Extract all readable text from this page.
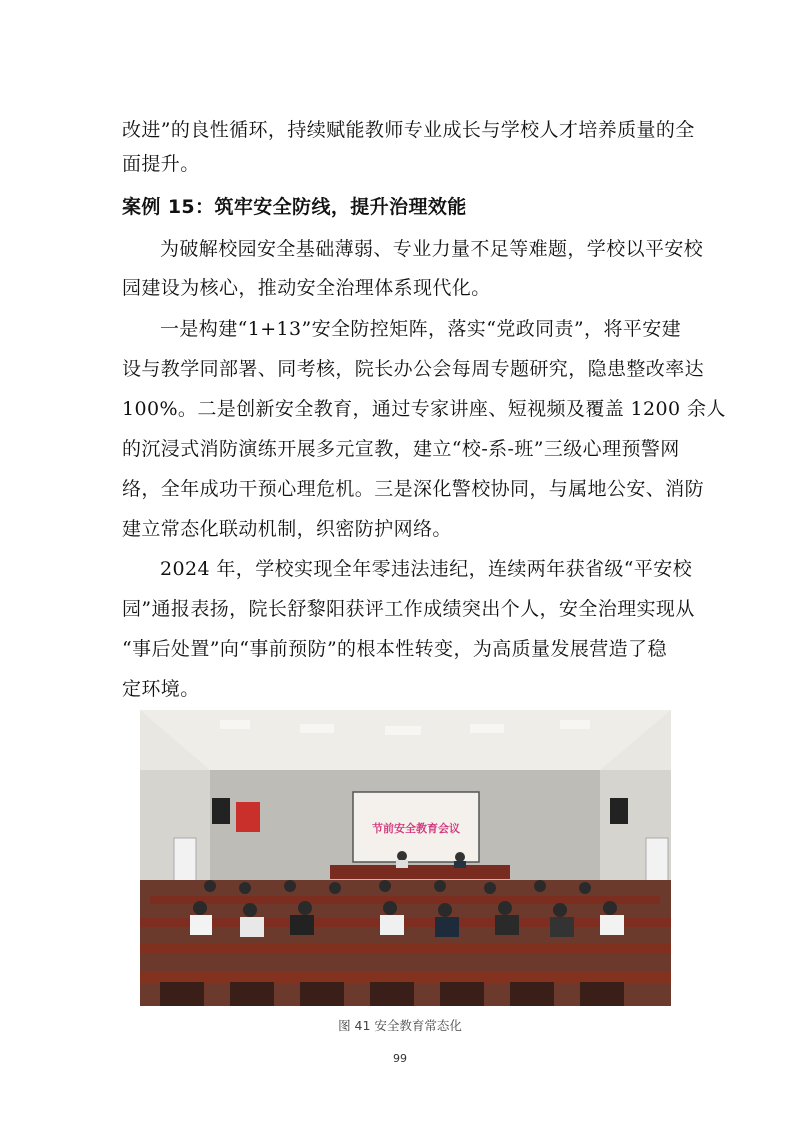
改进”的良性循环，持续赋能教师专业成长与学校人才培养质量的全
面提升。
案例 15：筑牢安全防线，提升治理效能
为破解校园安全基础薄弱、专业力量不足等难题，学校以平安校
园建设为核心，推动安全治理体系现代化。
一是构建“1+13”安全防控矩阵，落实“党政同责”，将平安建
设与教学同部署、同考核，院长办公会每周专题研究，隐患整改率达
100%。二是创新安全教育，通过专家讲座、短视频及覆盖 1200 余人
的沉浸式消防演练开展多元宣教，建立“校-系-班”三级心理预警网
络，全年成功干预心理危机。三是深化警校协同，与属地公安、消防
建立常态化联动机制，织密防护网络。
2024 年，学校实现全年零违法违纪，连续两年获省级“平安校
园”通报表扬，院长舒黎阳获评工作成绩突出个人，安全治理实现从
“事后处置”向“事前预防”的根本性转变，为高质量发展营造了稳
定环境。
节前安全教育会议
图 41 安全教育常态化
99
